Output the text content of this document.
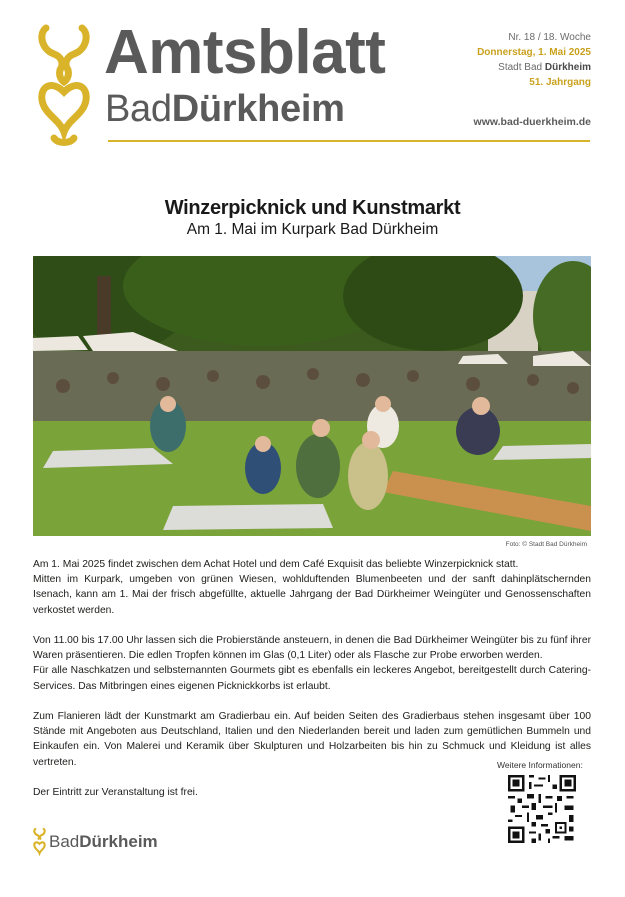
Amtsblatt
BadDürkheim
Nr. 18 / 18. Woche
Donnerstag, 1. Mai 2025
Stadt Bad Dürkheim
51. Jahrgang
www.bad-duerkheim.de
Winzerpicknick und Kunstmarkt
Am 1. Mai im Kurpark Bad Dürkheim
Foto: © Stadt Bad Dürkheim

Am 1. Mai 2025 findet zwischen dem Achat Hotel und dem Café Exquisit das beliebte Winzerpicknick statt.
Mitten im Kurpark, umgeben von grünen Wiesen, wohlduftenden Blumenbeeten und der sanft dahinplätschernden Isenach, kann am 1. Mai der frisch abgefüllte, aktuelle Jahrgang der Bad Dürkheimer Weingüter und Genossenschaften verkostet werden.

Von 11.00 bis 17.00 Uhr lassen sich die Probierstände ansteuern, in denen die Bad Dürkheimer Weingüter bis zu fünf ihrer Waren präsentieren. Die edlen Tropfen können im Glas (0,1 Liter) oder als Flasche zur Probe erworben werden.
Für alle Naschkatzen und selbsternannten Gourmets gibt es ebenfalls ein leckeres Angebot, bereitgestellt durch Catering-Services. Das Mitbringen eines eigenen Picknickkorbs ist erlaubt.

Zum Flanieren lädt der Kunstmarkt am Gradierbau ein. Auf beiden Seiten des Gradierbaus stehen insgesamt über 100 Stände mit Angeboten aus Deutschland, Italien und den Niederlanden bereit und laden zum gemütlichen Bummeln und Einkaufen ein. Von Malerei und Keramik über Skulpturen und Holzarbeiten bis hin zu Schmuck und Kleidung ist alles vertreten.

Der Eintritt zur Veranstaltung ist frei.

Weitere Informationen:
BadDürkheim
